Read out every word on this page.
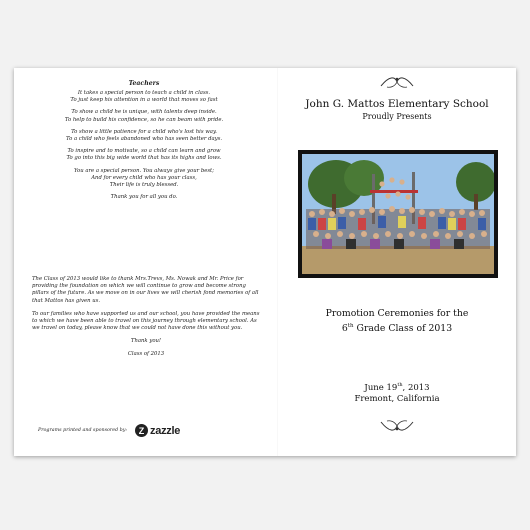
Teachers
It takes a special person to teach a child in class.
To just keep his attention in a world that moves so fast
To show a child he is unique, with talents deep inside.
To help to build his confidence, so he can beam with pride.
To show a little patience for a child who's lost his way.
To a child who feels abandoned who has seen better days.
To inspire and to motivate, so a child can learn and grow
To go into this big wide world that has its highs and lows.
You are a special person. You always give your best;
And for every child who has your class,
Their life is truly blessed.
Thank you for all you do.

The Class of 2013 would like to thank Mrs.Trevs, Ms. Nowak and Mr. Price for providing the foundation on which we will continue to grow and become strong pillars of the future. As we move on in our lives we will cherish fond memories of all that Mattos has given us.

To our families who have supported us and our school, you have provided the means to which we have been able to travel on this journey through elementary school. As we travel on today, please know that we could not have done this without you.

Thank you!
Class of 2013
Programs printed and sponsored by:	Z zazzle
John G. Mattos Elementary School
Proudly Presents
Promotion Ceremonies for the
6th Grade Class of 2013
June 19th, 2013
Fremont, California
